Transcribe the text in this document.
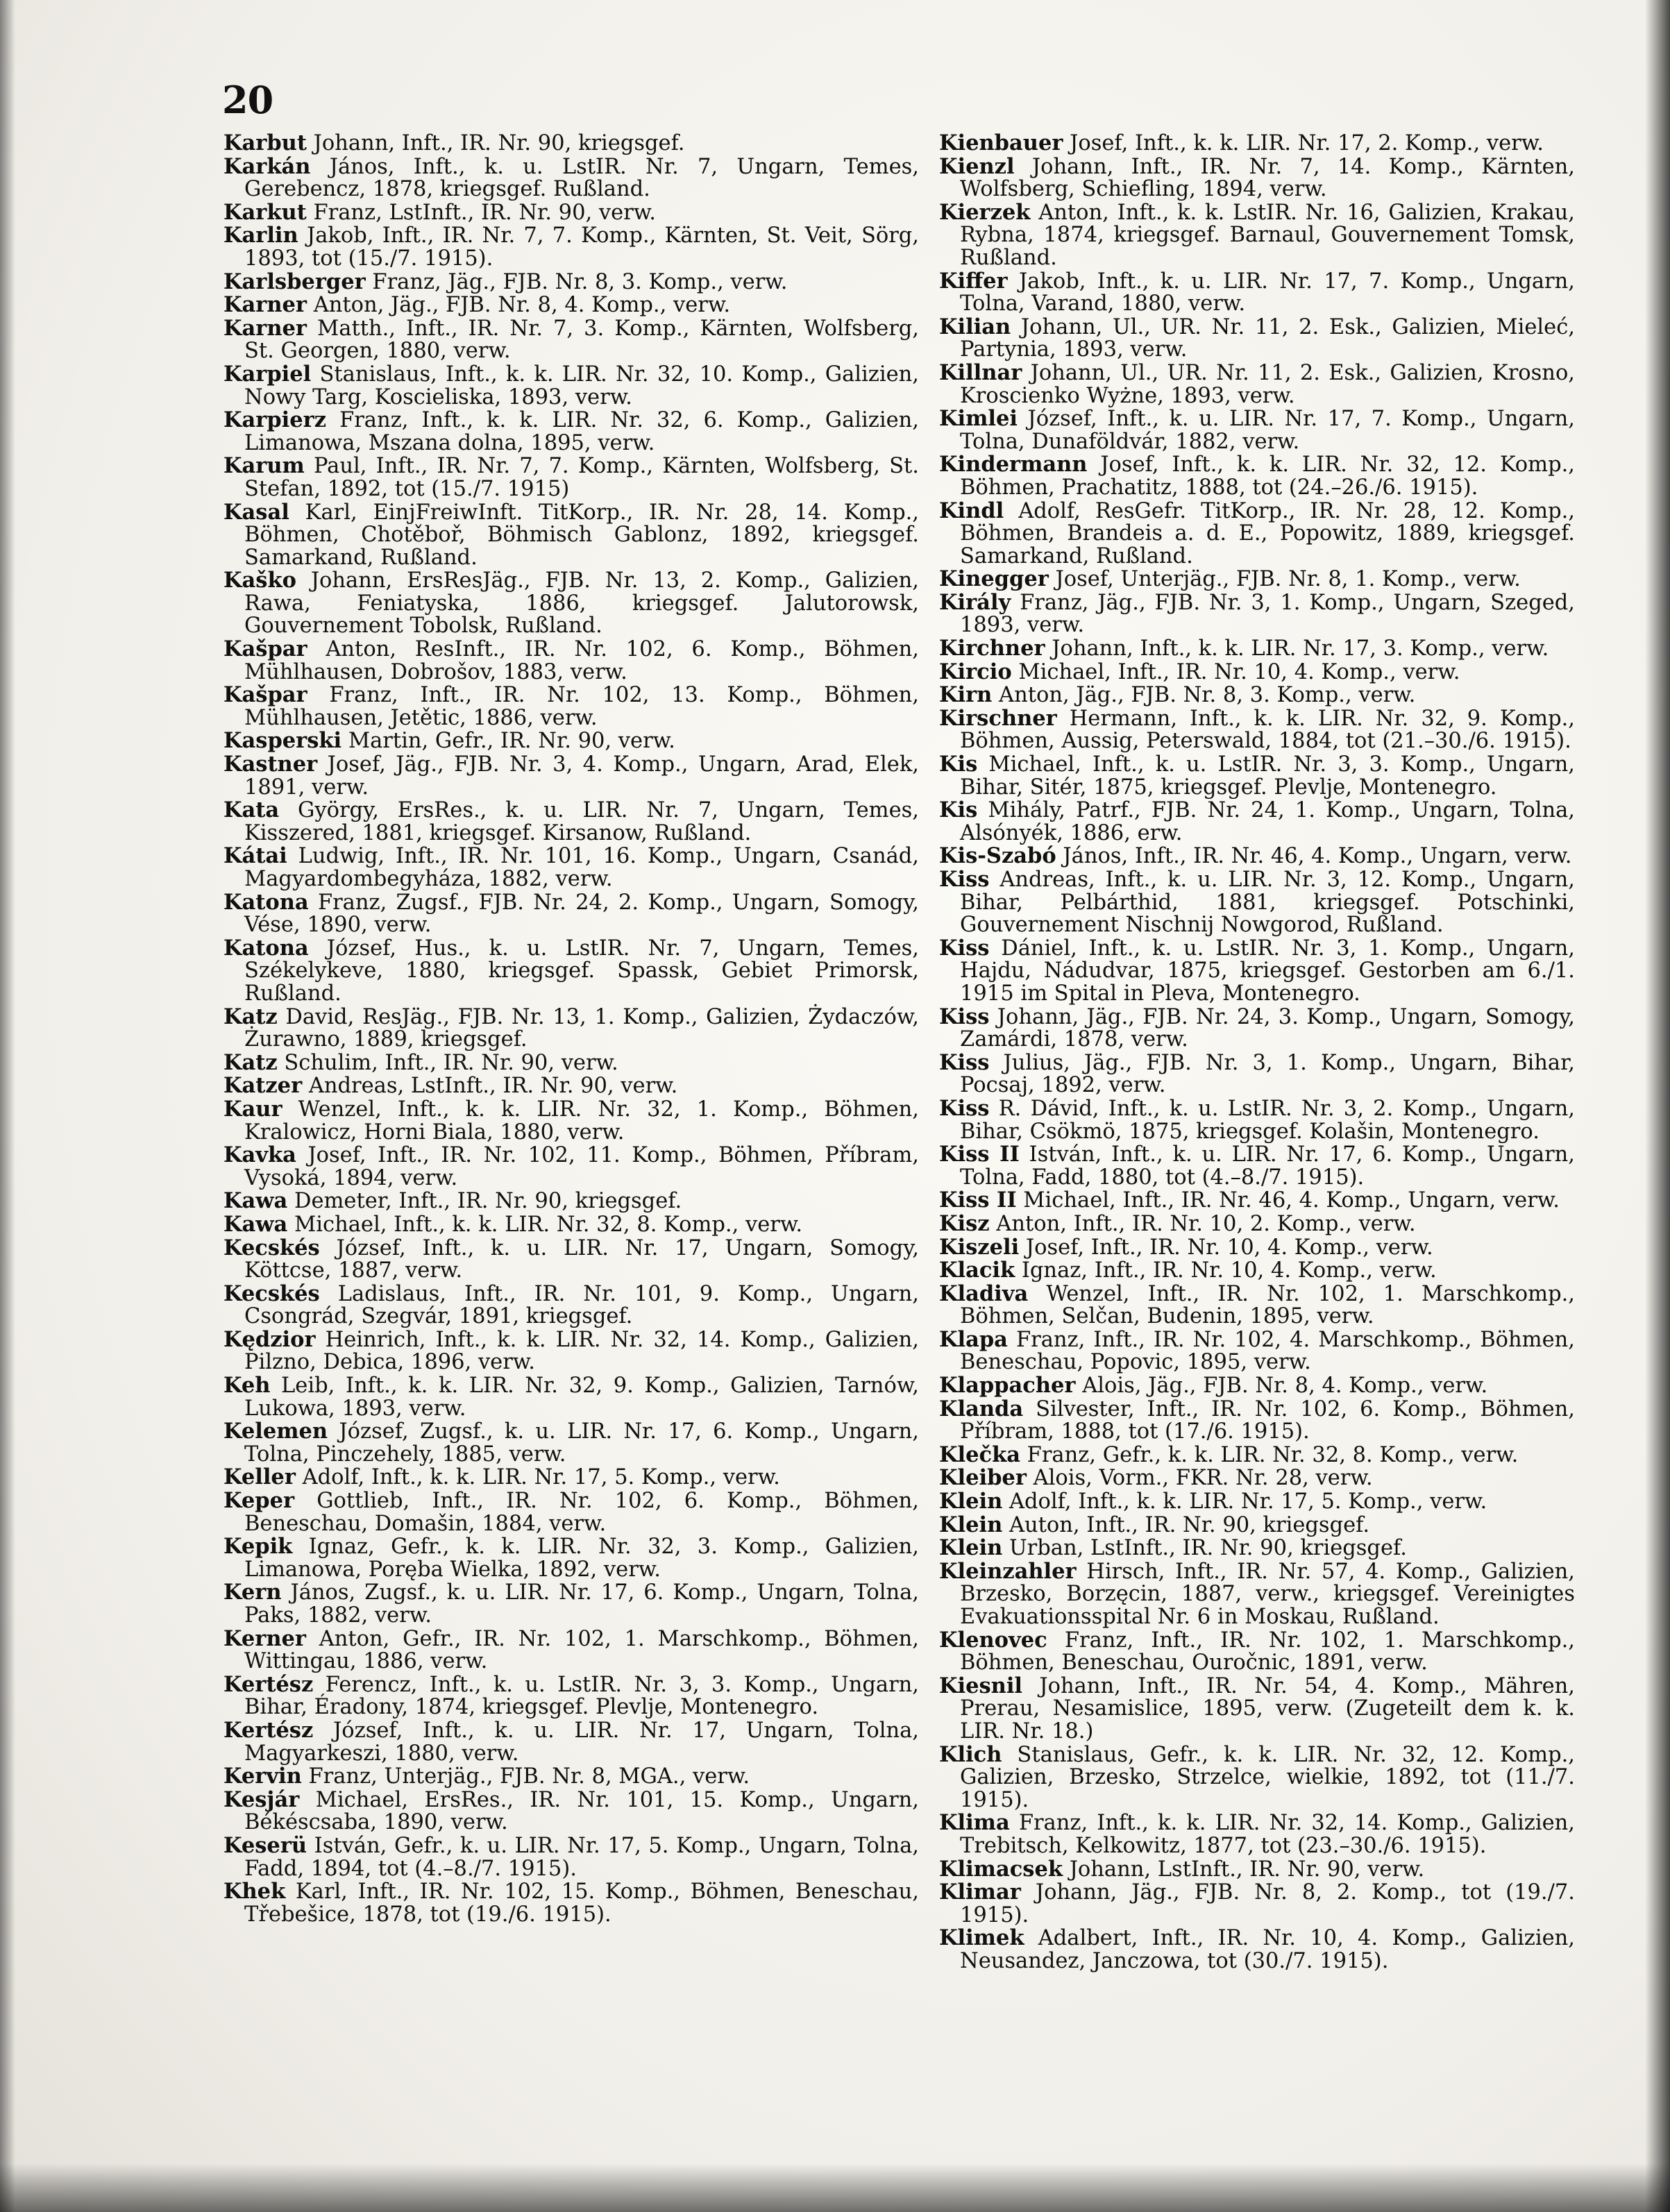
20

Karbut Johann, Inft., IR. Nr. 90, kriegsgef.

Karkán János, Inft., k. u. LstIR. Nr. 7, Ungarn, Temes, Gerebencz, 1878, kriegsgef. Rußland.

Karkut Franz, LstInft., IR. Nr. 90, verw.

Karlin Jakob, Inft., IR. Nr. 7, 7. Komp., Kärnten, St. Veit, Sörg, 1893, tot (15./7. 1915).

Karlsberger Franz, Jäg., FJB. Nr. 8, 3. Komp., verw.

Karner Anton, Jäg., FJB. Nr. 8, 4. Komp., verw.

Karner Matth., Inft., IR. Nr. 7, 3. Komp., Kärnten, Wolfsberg, St. Georgen, 1880, verw.

Karpiel Stanislaus, Inft., k. k. LIR. Nr. 32, 10. Komp., Galizien, Nowy Targ, Koscieliska, 1893, verw.

Karpierz Franz, Inft., k. k. LIR. Nr. 32, 6. Komp., Galizien, Limanowa, Mszana dolna, 1895, verw.

Karum Paul, Inft., IR. Nr. 7, 7. Komp., Kärnten, Wolfsberg, St. Stefan, 1892, tot (15./7. 1915)

Kasal Karl, EinjFreiwInft. TitKorp., IR. Nr. 28, 14. Komp., Böhmen, Chotěboř, Böhmisch Gablonz, 1892, kriegsgef. Samarkand, Rußland.

Kaško Johann, ErsResJäg., FJB. Nr. 13, 2. Komp., Galizien, Rawa, Feniatyska, 1886, kriegsgef. Jalutorowsk, Gouvernement Tobolsk, Rußland.

Kašpar Anton, ResInft., IR. Nr. 102, 6. Komp., Böhmen, Mühlhausen, Dobrošov, 1883, verw.

Kašpar Franz, Inft., IR. Nr. 102, 13. Komp., Böhmen, Mühlhausen, Jetětic, 1886, verw.

Kasperski Martin, Gefr., IR. Nr. 90, verw.

Kastner Josef, Jäg., FJB. Nr. 3, 4. Komp., Ungarn, Arad, Elek, 1891, verw.

Kata György, ErsRes., k. u. LIR. Nr. 7, Ungarn, Temes, Kisszered, 1881, kriegsgef. Kirsanow, Rußland.

Kátai Ludwig, Inft., IR. Nr. 101, 16. Komp., Ungarn, Csanád, Magyardombegyháza, 1882, verw.

Katona Franz, Zugsf., FJB. Nr. 24, 2. Komp., Ungarn, Somogy, Vése, 1890, verw.

Katona József, Hus., k. u. LstIR. Nr. 7, Ungarn, Temes, Székelykeve, 1880, kriegsgef. Spassk, Gebiet Primorsk, Rußland.

Katz David, ResJäg., FJB. Nr. 13, 1. Komp., Galizien, Żydaczów, Żurawno, 1889, kriegsgef.

Katz Schulim, Inft., IR. Nr. 90, verw.

Katzer Andreas, LstInft., IR. Nr. 90, verw.

Kaur Wenzel, Inft., k. k. LIR. Nr. 32, 1. Komp., Böhmen, Kralowicz, Horni Biala, 1880, verw.

Kavka Josef, Inft., IR. Nr. 102, 11. Komp., Böhmen, Příbram, Vysoká, 1894, verw.

Kawa Demeter, Inft., IR. Nr. 90, kriegsgef.

Kawa Michael, Inft., k. k. LIR. Nr. 32, 8. Komp., verw.

Kecskés József, Inft., k. u. LIR. Nr. 17, Ungarn, Somogy, Köttcse, 1887, verw.

Kecskés Ladislaus, Inft., IR. Nr. 101, 9. Komp., Ungarn, Csongrád, Szegvár, 1891, kriegsgef.

Kędzior Heinrich, Inft., k. k. LIR. Nr. 32, 14. Komp., Galizien, Pilzno, Debica, 1896, verw.

Keh Leib, Inft., k. k. LIR. Nr. 32, 9. Komp., Galizien, Tarnów, Lukowa, 1893, verw.

Kelemen József, Zugsf., k. u. LIR. Nr. 17, 6. Komp., Ungarn, Tolna, Pinczehely, 1885, verw.

Keller Adolf, Inft., k. k. LIR. Nr. 17, 5. Komp., verw.

Keper Gottlieb, Inft., IR. Nr. 102, 6. Komp., Böhmen, Beneschau, Domašin, 1884, verw.

Kepik Ignaz, Gefr., k. k. LIR. Nr. 32, 3. Komp., Galizien, Limanowa, Poręba Wielka, 1892, verw.

Kern János, Zugsf., k. u. LIR. Nr. 17, 6. Komp., Ungarn, Tolna, Paks, 1882, verw.

Kerner Anton, Gefr., IR. Nr. 102, 1. Marschkomp., Böhmen, Wittingau, 1886, verw.

Kertész Ferencz, Inft., k. u. LstIR. Nr. 3, 3. Komp., Ungarn, Bihar, Éradony, 1874, kriegsgef. Plevlje, Montenegro.

Kertész József, Inft., k. u. LIR. Nr. 17, Ungarn, Tolna, Magyarkeszi, 1880, verw.

Kervin Franz, Unterjäg., FJB. Nr. 8, MGA., verw.

Kesjár Michael, ErsRes., IR. Nr. 101, 15. Komp., Ungarn, Békéscsaba, 1890, verw.

Keserü István, Gefr., k. u. LIR. Nr. 17, 5. Komp., Ungarn, Tolna, Fadd, 1894, tot (4.–8./7. 1915).

Khek Karl, Inft., IR. Nr. 102, 15. Komp., Böhmen, Beneschau, Třebešice, 1878, tot (19./6. 1915).

Kienbauer Josef, Inft., k. k. LIR. Nr. 17, 2. Komp., verw.

Kienzl Johann, Inft., IR. Nr. 7, 14. Komp., Kärnten, Wolfsberg, Schiefling, 1894, verw.

Kierzek Anton, Inft., k. k. LstIR. Nr. 16, Galizien, Krakau, Rybna, 1874, kriegsgef. Barnaul, Gouvernement Tomsk, Rußland.

Kiffer Jakob, Inft., k. u. LIR. Nr. 17, 7. Komp., Ungarn, Tolna, Varand, 1880, verw.

Kilian Johann, Ul., UR. Nr. 11, 2. Esk., Galizien, Mieleć, Partynia, 1893, verw.

Killnar Johann, Ul., UR. Nr. 11, 2. Esk., Galizien, Krosno, Kroscienko Wyżne, 1893, verw.

Kimlei József, Inft., k. u. LIR. Nr. 17, 7. Komp., Ungarn, Tolna, Dunaföldvár, 1882, verw.

Kindermann Josef, Inft., k. k. LIR. Nr. 32, 12. Komp., Böhmen, Prachatitz, 1888, tot (24.–26./6. 1915).

Kindl Adolf, ResGefr. TitKorp., IR. Nr. 28, 12. Komp., Böhmen, Brandeis a. d. E., Popowitz, 1889, kriegsgef. Samarkand, Rußland.

Kinegger Josef, Unterjäg., FJB. Nr. 8, 1. Komp., verw.

Király Franz, Jäg., FJB. Nr. 3, 1. Komp., Ungarn, Szeged, 1893, verw.

Kirchner Johann, Inft., k. k. LIR. Nr. 17, 3. Komp., verw.

Kircio Michael, Inft., IR. Nr. 10, 4. Komp., verw.

Kirn Anton, Jäg., FJB. Nr. 8, 3. Komp., verw.

Kirschner Hermann, Inft., k. k. LIR. Nr. 32, 9. Komp., Böhmen, Aussig, Peterswald, 1884, tot (21.–30./6. 1915).

Kis Michael, Inft., k. u. LstIR. Nr. 3, 3. Komp., Ungarn, Bihar, Sitér, 1875, kriegsgef. Plevlje, Montenegro.

Kis Mihály, Patrf., FJB. Nr. 24, 1. Komp., Ungarn, Tolna, Alsónyék, 1886, erw.

Kis-Szabó János, Inft., IR. Nr. 46, 4. Komp., Ungarn, verw.

Kiss Andreas, Inft., k. u. LIR. Nr. 3, 12. Komp., Ungarn, Bihar, Pelbárthid, 1881, kriegsgef. Potschinki, Gouvernement Nischnij Nowgorod, Rußland.

Kiss Dániel, Inft., k. u. LstIR. Nr. 3, 1. Komp., Ungarn, Hajdu, Nádudvar, 1875, kriegsgef. Gestorben am 6./1. 1915 im Spital in Pleva, Montenegro.

Kiss Johann, Jäg., FJB. Nr. 24, 3. Komp., Ungarn, Somogy, Zamárdi, 1878, verw.

Kiss Julius, Jäg., FJB. Nr. 3, 1. Komp., Ungarn, Bihar, Pocsaj, 1892, verw.

Kiss R. Dávid, Inft., k. u. LstIR. Nr. 3, 2. Komp., Ungarn, Bihar, Csökmö, 1875, kriegsgef. Kolašin, Montenegro.

Kiss II István, Inft., k. u. LIR. Nr. 17, 6. Komp., Ungarn, Tolna, Fadd, 1880, tot (4.–8./7. 1915).

Kiss II Michael, Inft., IR. Nr. 46, 4. Komp., Ungarn, verw.

Kisz Anton, Inft., IR. Nr. 10, 2. Komp., verw.

Kiszeli Josef, Inft., IR. Nr. 10, 4. Komp., verw.

Klacik Ignaz, Inft., IR. Nr. 10, 4. Komp., verw.

Kladiva Wenzel, Inft., IR. Nr. 102, 1. Marschkomp., Böhmen, Selčan, Budenin, 1895, verw.

Klapa Franz, Inft., IR. Nr. 102, 4. Marschkomp., Böhmen, Beneschau, Popovic, 1895, verw.

Klappacher Alois, Jäg., FJB. Nr. 8, 4. Komp., verw.

Klanda Silvester, Inft., IR. Nr. 102, 6. Komp., Böhmen, Příbram, 1888, tot (17./6. 1915).

Klečka Franz, Gefr., k. k. LIR. Nr. 32, 8. Komp., verw.

Kleiber Alois, Vorm., FKR. Nr. 28, verw.

Klein Adolf, Inft., k. k. LIR. Nr. 17, 5. Komp., verw.

Klein Auton, Inft., IR. Nr. 90, kriegsgef.

Klein Urban, LstInft., IR. Nr. 90, kriegsgef.

Kleinzahler Hirsch, Inft., IR. Nr. 57, 4. Komp., Galizien, Brzesko, Borzęcin, 1887, verw., kriegsgef. Vereinigtes Evakuationsspital Nr. 6 in Moskau, Rußland.

Klenovec Franz, Inft., IR. Nr. 102, 1. Marschkomp., Böhmen, Beneschau, Ouročnic, 1891, verw.

Kiesnil Johann, Inft., IR. Nr. 54, 4. Komp., Mähren, Prerau, Nesamislice, 1895, verw. (Zugeteilt dem k. k. LIR. Nr. 18.)

Klich Stanislaus, Gefr., k. k. LIR. Nr. 32, 12. Komp., Galizien, Brzesko, Strzelce, wielkie, 1892, tot (11./7. 1915).

Klima Franz, Inft., k. k. LIR. Nr. 32, 14. Komp., Galizien, Trebitsch, Kelkowitz, 1877, tot (23.–30./6. 1915).

Klimacsek Johann, LstInft., IR. Nr. 90, verw.

Klimar Johann, Jäg., FJB. Nr. 8, 2. Komp., tot (19./7. 1915).

Klimek Adalbert, Inft., IR. Nr. 10, 4. Komp., Galizien, Neusandez, Janczowa, tot (30./7. 1915).
